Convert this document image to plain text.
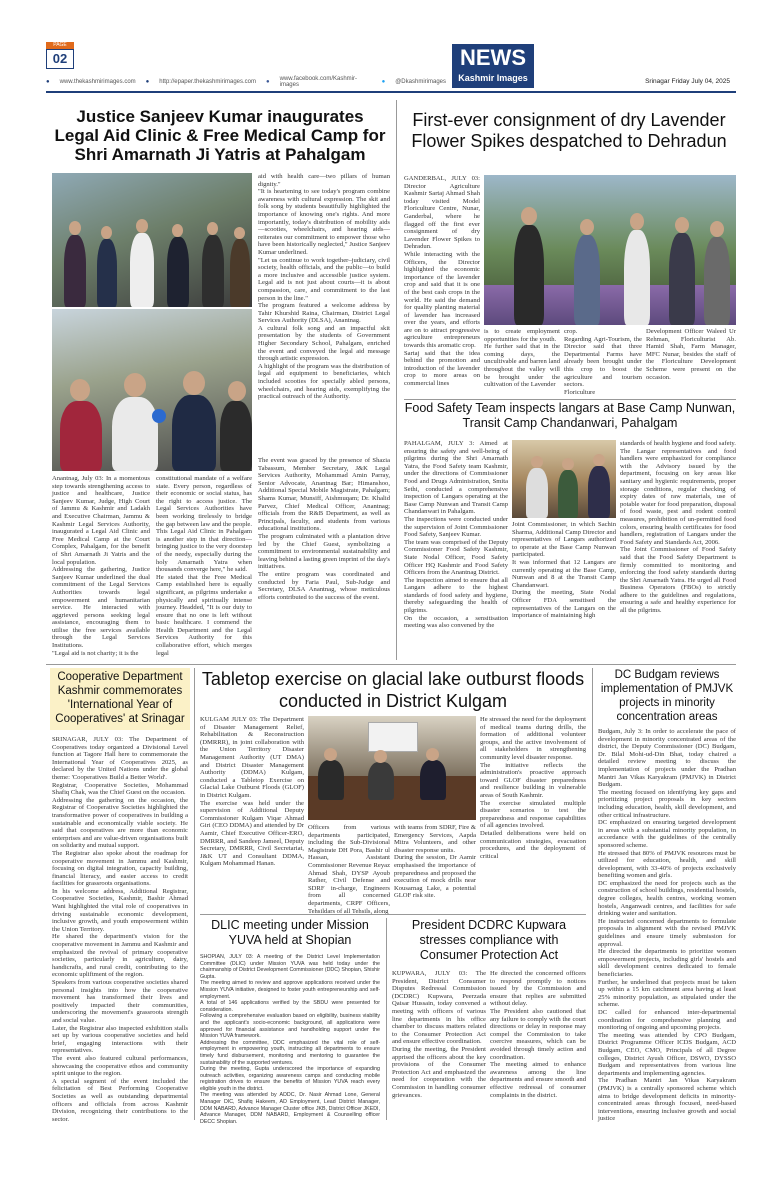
PAGE
02
● www.thekashmirimages.com ● http://epaper.thekashmirimages.com ● www.facebook.com/Kashmir-images	● @Dkashmirimages
NEWS
Kashmir Images	Srinagar Friday July 04, 2025
Justice Sanjeev Kumar inaugurates Legal Aid Clinic & Free Medical Camp for Shri Amarnath Ji Yatris at Pahalgam
Anantnag, July 03: In a momentous step towards strengthening access to justice and healthcare, Justice Sanjeev Kumar, Judge, High Court of Jammu & Kashmir and Ladakh and Executive Chairman, Jammu & Kashmir Legal Services Authority, inaugurated a Legal Aid Clinic and Free Medical Camp at the Court Complex, Pahalgam, for the benefit of Shri Amarnath Ji Yatris and the local population.
Addressing the gathering, Justice Sanjeev Kumar underlined the dual commitment of the Legal Services Authorities towards legal empowerment and humanitarian service. He interacted with aggrieved persons seeking legal assistance, encouraging them to utilise the free services available through the Legal Services Institutions.
"Legal aid is not charity; it is the
constitutional mandate of a welfare state. Every person, regardless of their economic or social status, has the right to access justice. The Legal Services Authorities have been working tirelessly to bridge the gap between law and the people. This Legal Aid Clinic in Pahalgam is another step in that direction—bringing justice to the very doorstep of the needy, especially during the holy Amarnath Yatra when thousands converge here," he said.
He stated that the Free Medical Camp established here is equally significant, as pilgrims undertake a physically and spiritually intense journey. Headded, "It is our duty to ensure that no one is left without basic healthcare. I commend the Health Department and the Legal Services Authority for this collaborative effort, which merges legal
aid with health care—two pillars of human dignity."
"It is heartening to see today's program combine awareness with cultural expression. The skit and folk song by students beautifully highlighted the importance of knowing one's rights. And more importantly, today's distribution of mobility aids—scooties, wheelchairs, and hearing aids—reiterates our commitment to empower those who have been historically neglected," Justice Sanjeev Kumar underlined.
"Let us continue to work together–judiciary, civil society, health officials, and the public—to build a more inclusive and accessible justice system. Legal aid is not just about courts—it is about compassion, care, and commitment to the last person in the line."
The program featured a welcome address by Tahir Khurshid Raina, Chairman, District Legal Services Authority (DLSA), Anantnag.
A cultural folk song and an impactful skit presentation by the students of Government Higher Secondary School, Pahalgam, enriched the event and conveyed the legal aid message through artistic expression.
A highlight of the program was the distribution of legal aid equipment to beneficiaries, which included scooties for specially abled persons, wheelchairs, and hearing aids, exemplifying the practical outreach of the Authority.
The event was graced by the presence of Shazia Tabassum, Member Secretary, J&K Legal Services Authority, Mohammad Amin Parray, Senior Advocate, Anantnag Bar; Himanshoo, Additional Special Mobile Magistrate, Pahalgam; Shams Kumar, Munsiff, Aishmuqam; Dr. Khalid Parvez, Chief Medical Officer, Anantnag; officials from the R&B Department, as well as Principals, faculty, and students from various educational institutions.
The program culminated with a plantation drive led by the Chief Guest, symbolizing a commitment to environmental sustainability and leaving behind a lasting green imprint of the day's initiatives.
The entire program was coordinated and conducted by Faria Paul, Sub-Judge and Secretary, DLSA Anantnag, whose meticulous efforts contributed to the success of the event.
First-ever consignment of dry Lavender Flower Spikes despatched to Dehradun
GANDERBAL, JULY 03: Director Agriculture Kashmir Sartaj Ahmad Shah today visited Model Floriculture Centre, Nunar, Ganderbal, where he flagged off the first ever consignment of dry Lavender Flower Spikes to Dehradun.
While interacting with the Officers, the Director highlighted the economic importance of the lavender crop and said that it is one of the best cash crops in the world. He said the demand for quality planting material of lavender has increased over the years, and efforts are on to attract progressive agriculture entrepreneurs towards this aromatic crop.
Sartaj said that the idea behind the promotion and introduction of the lavender crop to more areas on commercial lines
is to create employment opportunities for the youth.
He further said that in the coming days, the uncultivable and barren land throughout the valley will be brought under the cultivation of the Lavender
crop.
Regarding Agri-Tourism, the Director said that three Departmental Farms have already been brought under this crop to boost the agriculture and tourism sectors.
Floriculture
Development Officer Waleed Ur Rehman, Floriculturist Ab. Hamid Shah, Farm Manager, MFC Nunar, besides the staff of the Floriculture Development Scheme were present on the occasion.
Food Safety Team inspects langars at Base Camp Nunwan, Transit Camp Chandanwari, Pahalgam
PAHALGAM, JULY 3: Aimed at ensuring the safety and well-being of pilgrims during the Shri Amarnath Yatra, the Food Safety team Kashmir, under the directions of Commissioner Food and Drugs Administration, Smita Sethi, conducted a comprehensive inspection of Langars operating at the Base Camp Nunwan and Transit Camp Chandanwari in Pahalgam.
The inspections were conducted under the supervision of Joint Commissioner Food Safety, Sanjeev Kumar.
The team was comprised of the Deputy Commissioner Food Safety Kashmir, State Nodal Officer, Food Safety Officer HQ Kashmir and Food Safety Officers from the Anantnag District.
The inspection aimed to ensure that all Langars adhere to the highest standards of food safety and hygiene, thereby safeguarding the health of pilgrims.
On the occasion, a sensitisation meeting was also convened by the
Joint Commissioner, in which Sachin Sharma, Additional Camp Director and representatives of Langars authorized to operate at the Base Camp Nunwan participated.
It was informed that 12 Langars are currently operating at the Base Camp, Nunwan and 8 at the Transit Camp Chandanwari.
During the meeting, State Nodal Officer FDA sensitised the representatives of the Langars on the importance of maintaining high
standards of health hygiene and food safety.
The Langar representatives and food handlers were emphasized for compliance with the Advisory issued by the department, focusing on key areas like sanitary and hygienic requirements, proper storage conditions, regular checking of expiry dates of raw materials, use of potable water for food preparation, disposal of food waste, pest and rodent control measures, prohibition of un-permitted food colors, ensuring health certificates for food handlers, registration of Langars under the Food Safety and Standards Act, 2006.
The Joint Commissioner of Food Safety said that the Food Safety Department is firmly committed to monitoring and enforcing the food safety standards during the Shri Amarnath Yatra. He urged all Food Business Operators (FBOs) to strictly adhere to the guidelines and regulations, ensuring a safe and healthy experience for all the pilgrims.
Cooperative Department Kashmir commemorates 'International Year of Cooperatives' at Srinagar
SRINAGAR, JULY 03: The Department of Cooperatives today organized a Divisional Level function at Tagore Hall here to commemorate the International Year of Cooperatives 2025, as declared by the United Nations under the global theme: 'Cooperatives Build a Better World'.
Registrar, Cooperative Societies, Mohammad Shafiq Chak, was the Chief Guest on the occasion.
Addressing the gathering on the occasion, the Registrar of Cooperative Societies highlighted the transformative power of cooperatives in building a sustainable and economically viable society. He said that cooperatives are more than economic enterprises and are value-driven organisations built on solidarity and mutual support.
The Registrar also spoke about the roadmap for cooperative movement in Jammu and Kashmir, focusing on digital integration, capacity building, financial literacy, and easier access to credit facilities for grassroots organisations.
In his welcome address, Additional Registrar, Cooperative Societies, Kashmir, Bashir Ahmad Wani highlighted the vital role of cooperatives in driving sustainable economic development, inclusive growth, and youth empowerment within the Union Territory.
He shared the department's vision for the cooperative movement in Jammu and Kashmir and emphasized the revival of primary cooperative societies, particularly in agriculture, dairy, handicrafts, and rural credit, contributing to the economic upliftment of the region.
Speakers from various cooperative societies shared personal insights into how the cooperative movement has transformed their lives and positively impacted their communities, underscoring the movement's grassroots strength and social value.
Later, the Registrar also inspected exhibition stalls set up by various cooperative societies and held brief, engaging interactions with their representatives.
The event also featured cultural performances, showcasing the cooperative ethos and community spirit unique to the region.
A special segment of the event included the felicitation of Best Performing Cooperative Societies as well as outstanding departmental officers and officials from across Kashmir Division, recognizing their contributions to the sector.
Tabletop exercise on glacial lake outburst floods conducted in District Kulgam
KULGAM JULY 03: The Department of Disaster Management Relief, Rehabilitation & Reconstruction (DMRRR), in joint collaboration with the Union Territory Disaster Management Authority (UT DMA) and District Disaster Management Authority (DDMA) Kulgam, conducted a Tabletop Exercise on Glacial Lake Outburst Floods (GLOF) in District Kulgam.
The exercise was held under the supervision of Additional Deputy Commissioner Kulgam Viqar Ahmad Giri (CEO DDMA) and attended by Dr Aamir, Chief Executive Officer-ERO, DMRRR, and Sandeep Jameel, Deputy Secretary, DMRRR, Civil Secretariat, J&K UT and Consultant DDMA, Kulgam Mohammad Hanan.
Officers from various departments participated, including the Sub-Divisional Magistrate DH Pora, Bashir ul Hassan, Assistant Commissioner Revenue Reyaz Ahmad Shah, DYSP Ayoub Rather, Civil Defense and SDRF in-charge, Engineers from all concerned departments, CRPF Officers, Tehsildars of all Tehsils, along
with teams from SDRF, Fire & Emergency Services, Aapda Mitra Volunteers, and other disaster response units.
During the session, Dr Aamir emphasised the importance of preparedness and proposed the execution of mock drills near Kousarnag Lake, a potential GLOF risk site.
He stressed the need for the deployment of medical teams during drills, the formation of additional volunteer groups, and the active involvement of all stakeholders in strengthening community level disaster response.
The initiative reflects the administration's proactive approach toward GLOF disaster preparedness and resilience building in vulnerable areas of South Kashmir.
The exercise simulated multiple disaster scenarios to test the preparedness and response capabilities of all agencies involved.
Detailed deliberations were held on communication strategies, evacuation procedures, and the deployment of critical
DLIC meeting under Mission YUVA held at Shopian
SHOPIAN, JULY 03: A meeting of the District Level Implementation Committee (DLIC) under Mission YUVA was held today under the chairmanship of District Development Commissioner (DDC) Shopian, Shishir Gupta.
The meeting aimed to review and approve applications received under the Mission YUVA initiative, designed to foster youth entrepreneurship and self-employment.
A total of 146 applications verified by the SBDU were presented for consideration.
Following a comprehensive evaluation based on eligibility, business viability and the applicant's socio-economic background, all applications were approved for financial assistance and handholding support under the Mission YUVA framework.
Addressing the committee, DDC emphasized the vital role of self-employment in empowering youth, instructing all departments to ensure timely fund disbursement, monitoring and mentoring to guarantee the sustainability of the supported ventures.
During the meeting, Gupta underscored the importance of expanding outreach activities, organizing awareness camps and conducting mobile registration drives to ensure the benefits of Mission YUVA reach every eligible youth in the district.
The meeting was attended by ADDC, Dr. Nasir Ahmad Lone, General Manager DIC, Shafiq Hakeem, AD Employment, Lead District Manager, DDM NABARD, Advance Manager Cluster office JKB, District Officer JKEDI, Advance Manager, DDM NABARD, Employment & Counselling officer DECC Shopian.
President DCDRC Kupwara stresses compliance with Consumer Protection Act
KUPWARA, JULY 03: The President, District Consumer Disputes Redressal Commission (DCDRC) Kupwara, Peerzada Qaisar Hussain, today convened a meeting with officers of various line departments in his office chamber to discuss matters related to the Consumer Protection Act and ensure effective coordination.
During the meeting, the President apprised the officers about the key provisions of the Consumer Protection Act and emphasized the need for cooperation with the Commission in handling consumer grievances.
He directed the concerned officers to respond promptly to notices issued by the Commission and ensure that replies are submitted without delay.
The President also cautioned that any failure to comply with the court directions or delay in response may compel the Commission to take coercive measures, which can be avoided through timely action and coordination.
The meeting aimed to enhance awareness among the line departments and ensure smooth and effective redressal of consumer complaints in the district.
DC Budgam reviews implementation of PMJVK projects in minority concentration areas
Budgam, July 3: In order to accelerate the pace of development in minority concentrated areas of the district, the Deputy Commissioner (DC) Budgam, Dr. Bilal Mohi-ud-Din Bhat, today chaired a detailed review meeting to discuss the implementation of projects under the Pradhan Mantri Jan Vikas Karyakram (PMJVK) in District Budgam.
The meeting focused on identifying key gaps and prioritizing project proposals in key sectors including education, health, skill development, and other critical infrastructure.
DC emphasized on ensuring targeted development in areas with a substantial minority population, in accordance with the guidelines of the centrally sponsored scheme.
He stressed that 80% of PMJVK resources must be utilized for education, health, and skill development, with 33-40% of projects exclusively benefiting women and girls.
DC emphasized the need for projects such as the construction of school buildings, residential hostels, degree colleges, health centres, working women hostels, Anganwadi centres, and facilities for safe drinking water and sanitation.
He instructed concerned departments to formulate proposals in alignment with the revised PMJVK guidelines and ensure timely submission for approval.
He directed the departments to prioritize women empowerment projects, including girls' hostels and skill development centres dedicated to female beneficiaries.
Further, he underlined that projects must be taken up within a 15 km catchment area having at least 25% minority population, as stipulated under the scheme.
DC called for enhanced inter-departmental coordination for comprehensive planning and monitoring of ongoing and upcoming projects.
The meeting was attended by CPO Budgam, District Programme Officer ICDS Budgam, ACD Budgam, CEO, CMO, Principals of all Degree colleges, District Ayush Officer, DSWO, DYSSO Budgam and representatives from various line departments and implementing agencies.
The Pradhan Mantri Jan Vikas Karyakram (PMJVK) is a centrally sponsored scheme which aims to bridge development deficits in minority-concentrated areas through focused, need-based interventions, ensuring inclusive growth and social justice
